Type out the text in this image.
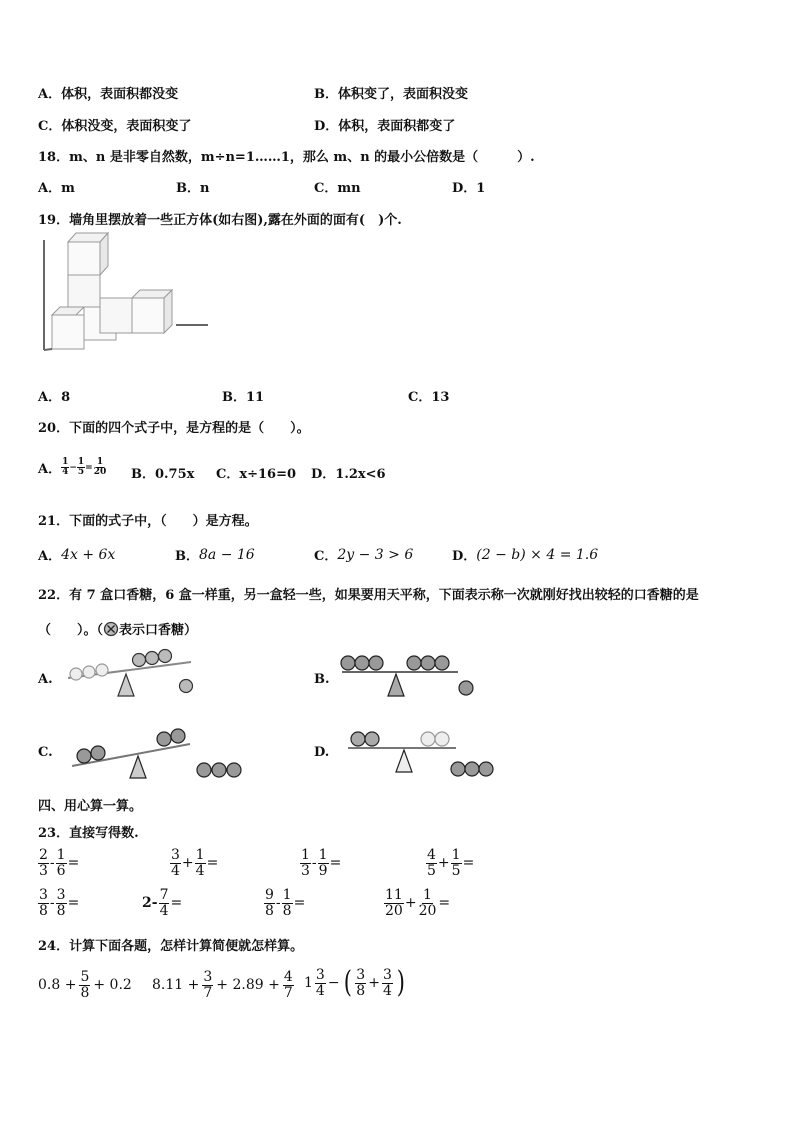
A．体积，表面积都没变	B．体积变了，表面积没变
C．体积没变，表面积变了	D．体积，表面积都变了
18．m、n 是非零自然数，m÷n=1……1，那么 m、n 的最小公倍数是（　　　）.
A．m	B．n	C．mn	D．1
19．墙角里摆放着一些正方体(如右图),露在外面的面有(　)个.
A．8	B．11	C．13
20．下面的四个式子中，是方程的是（　　）。
A． $\frac{1}{4} - \frac{1}{5} = \frac{1}{20}$ B．0.75x C．x÷16=0 D．1.2x<6
21．下面的式子中，（　　）是方程。
A． 4x + 6x	B． 8a − 16	C． 2y − 3 > 6	D． (2 − b) × 4 = 1.6
22．有 7 盒口香糖，6 盒一样重，另一盒轻一些，如果要用天平称，下面表示称一次就刚好找出较轻的口香糖的是
（　　）。（ 表示口香糖）
A.	B.
C.	D.
四、用心算一算。
23．直接写得数.
$\frac{2}{3} - \frac{1}{6}$ =	$\frac{3}{4} + \frac{1}{4}$ =	$\frac{1}{3} - \frac{1}{9}$ =	$\frac{4}{5} + \frac{1}{5}$ =
$\frac{3}{8} - \frac{3}{8}$ =	$2- \frac{7}{4}$ =	$\frac{9}{8} - \frac{1}{8}$ =	$\frac{11}{20} + \frac{1}{20}$ =
24．计算下面各题，怎样计算简便就怎样算。
$0.8 + \frac{5}{8} + 0.2$ $8.11 + \frac{3}{7} + 2.89 + \frac{4}{7} 1 \frac{3}{4}$ − ( $\frac{3}{8} + \frac{3}{4}$ )
